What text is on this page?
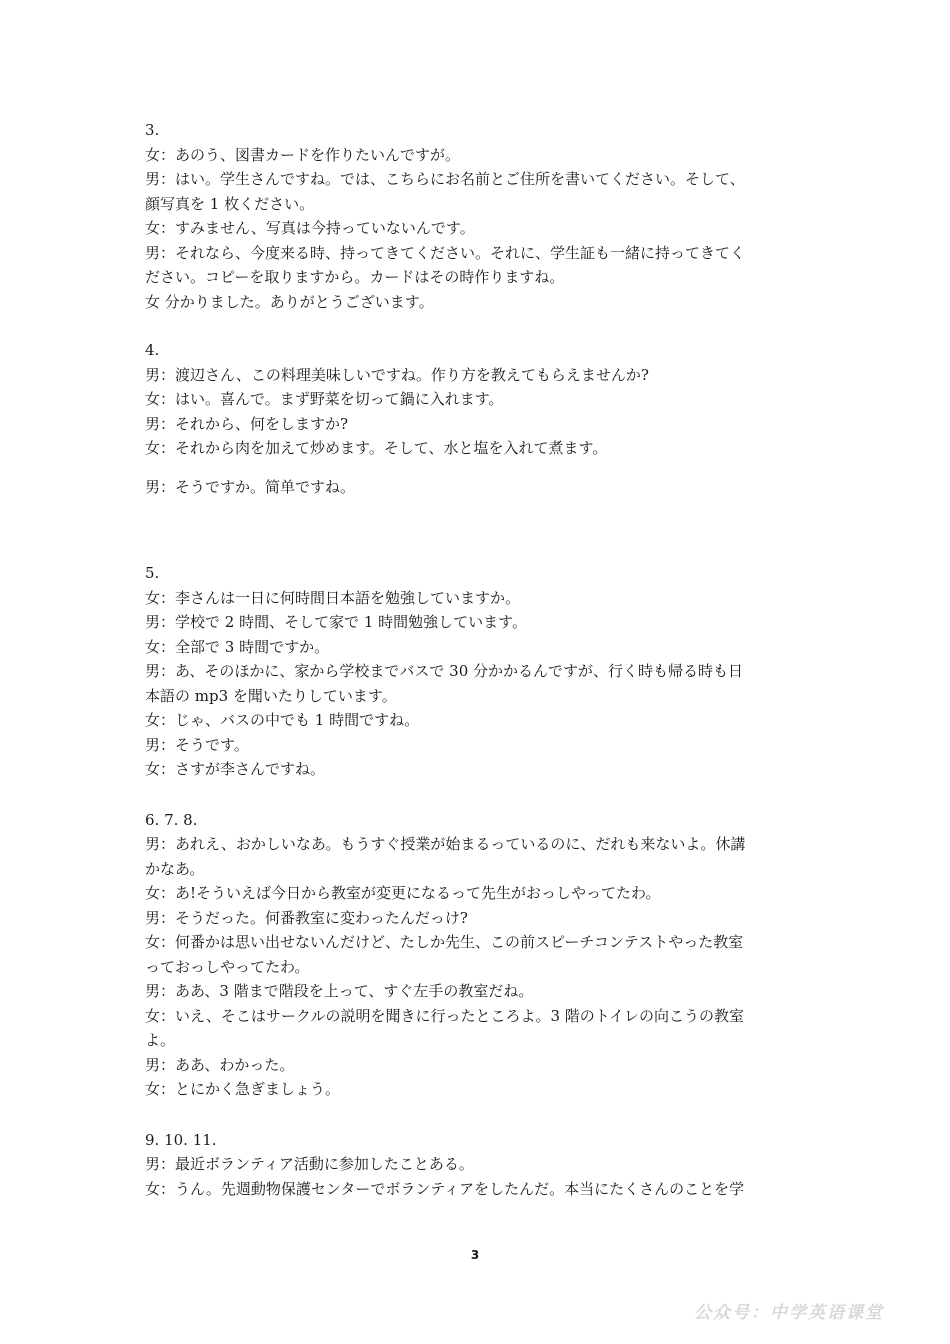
3.

女：あのう、図書カードを作りたいんですが。

男：はい。学生さんですね。では、こちらにお名前とご住所を書いてください。そして、

顔写真を 1 枚ください。

女：すみません、写真は今持っていないんです。

男：それなら、今度来る時、持ってきてください。それに、学生証も一緒に持ってきてく

ださい。コピーを取りますから。カードはその時作りますね。

女 分かりました。ありがとうございます。

4.

男：渡辺さん、この料理美味しいですね。作り方を教えてもらえませんか?

女：はい。喜んで。まず野菜を切って鍋に入れます。

男：それから、何をしますか?

女：それから肉を加えて炒めます。そして、水と塩を入れて煮ます。

男：そうですか。简单ですね。

5.

女：李さんは一日に何時間日本語を勉強していますか。

男：学校で 2 時間、そして家で 1 時間勉強しています。

女：全部で 3 時間ですか。

男：あ、そのほかに、家から学校までバスで 30 分かかるんですが、行く時も帰る時も日

本語の mp3 を聞いたりしています。

女：じゃ、バスの中でも 1 時間ですね。

男：そうです。

女：さすが李さんですね。

6. 7. 8.

男：あれえ、おかしいなあ。もうすぐ授業が始まるっているのに、だれも来ないよ。休講

かなあ。

女：あ!そういえば今日から教室が変更になるって先生がおっしやってたわ。

男：そうだった。何番教室に変わったんだっけ?

女：何番かは思い出せないんだけど、たしか先生、この前スピーチコンテストやった教室

っておっしやってたわ。

男：ああ、3 階まで階段を上って、すぐ左手の教室だね。

女：いえ、そこはサークルの説明を聞きに行ったところよ。3 階のトイレの向こうの教室

よ。

男：ああ、わかった。

女：とにかく急ぎましょう。

9. 10. 11.

男：最近ボランティア活動に参加したことある。

女：うん。先週動物保護センターでボランティアをしたんだ。本当にたくさんのことを学

3
公众号：中学英语课堂
